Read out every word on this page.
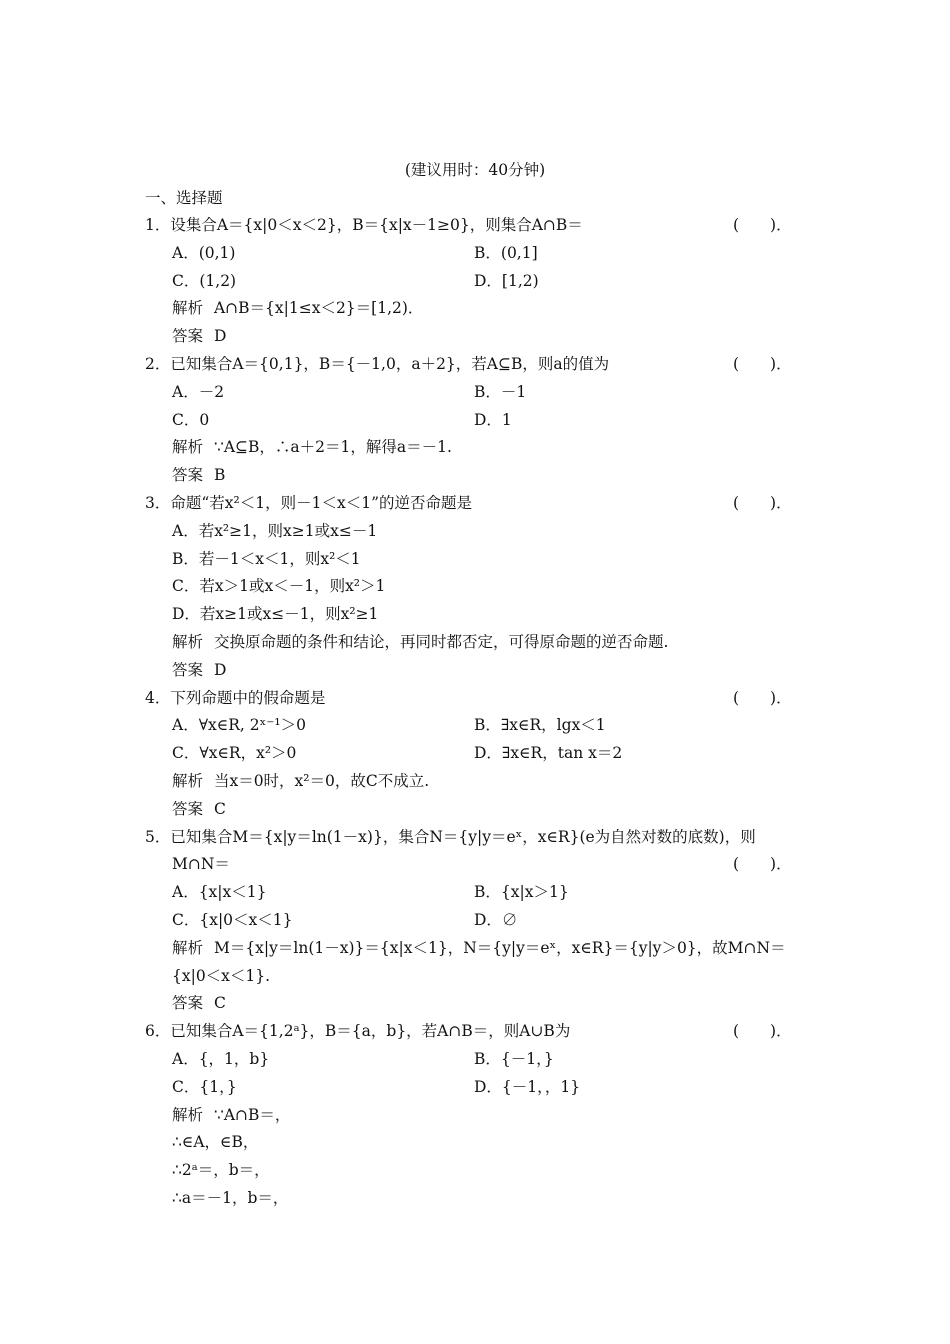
(建议用时：40分钟)
一、选择题
1．设集合A＝{x|0＜x＜2}，B＝{x|x－1≥0}，则集合A∩B＝	(　　)．
A．(0,1)	B．(0,1]
C．(1,2)	D．[1,2)
解析 A∩B＝{x|1≤x＜2}＝[1,2)．
答案 D
2．已知集合A＝{0,1}，B＝{－1,0，a＋2}，若A⊆B，则a的值为	(　　)．
A．－2	B．－1
C．0	D．1
解析 ∵A⊆B，∴a＋2＝1，解得a＝－1.
答案 B
3．命题“若x²＜1，则－1＜x＜1”的逆否命题是	(　　)．
A．若x²≥1，则x≥1或x≤－1
B．若－1＜x＜1，则x²＜1
C．若x＞1或x＜－1，则x²＞1
D．若x≥1或x≤－1，则x²≥1
解析 交换原命题的条件和结论，再同时都否定，可得原命题的逆否命题.
答案 D
4．下列命题中的假命题是	(　　)．
A．∀x∈R, 2ˣ⁻¹＞0	B．∃x∈R，lgx＜1
C．∀x∈R，x²＞0	D．∃x∈R，tan x＝2
解析 当x＝0时，x²＝0，故C不成立.
答案 C
5．已知集合M＝{x|y＝ln(1－x)}，集合N＝{y|y＝eˣ，x∈R}(e为自然对数的底数)，则
M∩N＝	(　　)．
A．{x|x＜1}	B．{x|x＞1}
C．{x|0＜x＜1}	D．∅
解析 M＝{x|y＝ln(1－x)}＝{x|x＜1}，N＝{y|y＝eˣ，x∈R}＝{y|y＞0}，故M∩N＝
{x|0＜x＜1}.
答案 C
6．已知集合A＝{1,2ᵃ}，B＝{a，b}，若A∩B＝，则A∪B为	(　　)．
A．{，1，b}	B．{－1，}
C．{1，}	D．{－1，，1}
解析 ∵A∩B＝，
∴∈A，∈B，
∴2ᵃ＝，b＝，
∴a＝－1，b＝，
